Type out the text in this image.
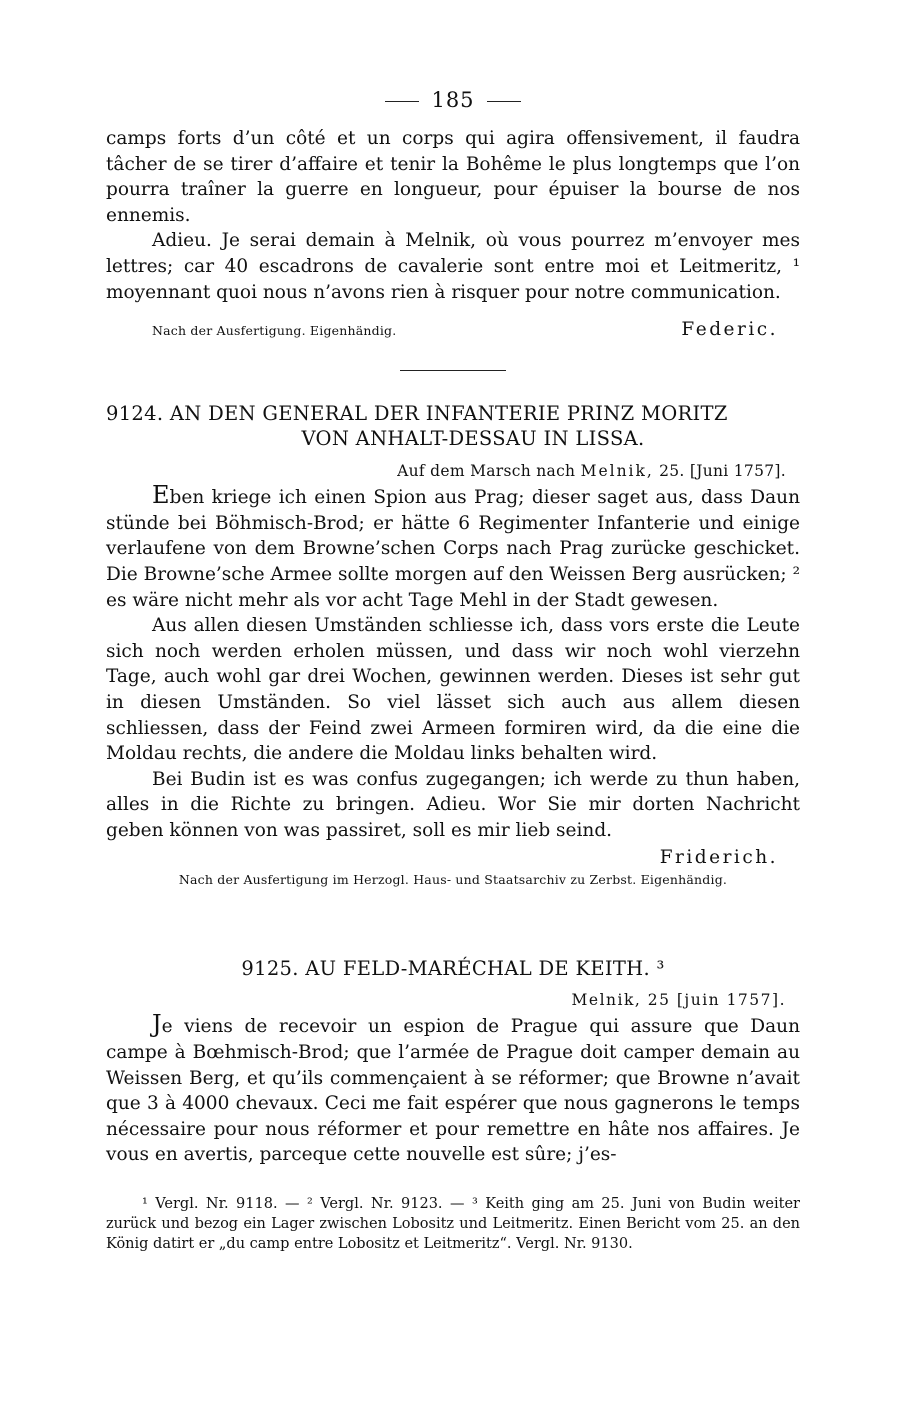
185

camps forts d’un côté et un corps qui agira offensivement, il faudra tâcher de se tirer d’affaire et tenir la Bohême le plus longtemps que l’on pourra traîner la guerre en longueur, pour épuiser la bourse de nos ennemis.

Adieu. Je serai demain à Melnik, où vous pourrez m’envoyer mes lettres; car 40 escadrons de cavalerie sont entre moi et Leitmeritz, ¹ moyennant quoi nous n’avons rien à risquer pour notre communication.

Nach der Ausfertigung. Eigenhändig.	Federic.
9124. AN DEN GENERAL DER INFANTERIE PRINZ MORITZ
VON ANHALT-DESSAU IN LISSA.
Auf dem Marsch nach Melnik, 25. [Juni 1757].

Eben kriege ich einen Spion aus Prag; dieser saget aus, dass Daun stünde bei Böhmisch-Brod; er hätte 6 Regimenter Infanterie und einige verlaufene von dem Browne’schen Corps nach Prag zurücke geschicket. Die Browne’sche Armee sollte morgen auf den Weissen Berg ausrücken; ² es wäre nicht mehr als vor acht Tage Mehl in der Stadt gewesen.

Aus allen diesen Umständen schliesse ich, dass vors erste die Leute sich noch werden erholen müssen, und dass wir noch wohl vierzehn Tage, auch wohl gar drei Wochen, gewinnen werden. Dieses ist sehr gut in diesen Umständen. So viel lässet sich auch aus allem diesen schliessen, dass der Feind zwei Armeen formiren wird, da die eine die Moldau rechts, die andere die Moldau links behalten wird.

Bei Budin ist es was confus zugegangen; ich werde zu thun haben, alles in die Richte zu bringen. Adieu. Wor Sie mir dorten Nachricht geben können von was passiret, soll es mir lieb seind.

Friderich.
Nach der Ausfertigung im Herzogl. Haus- und Staatsarchiv zu Zerbst. Eigenhändig.
9125. AU FELD-MARÉCHAL DE KEITH. ³
Melnik, 25 [juin 1757].

Je viens de recevoir un espion de Prague qui assure que Daun campe à Bœhmisch-Brod; que l’armée de Prague doit camper demain au Weissen Berg, et qu’ils commençaient à se réformer; que Browne n’avait que 3 à 4000 chevaux. Ceci me fait espérer que nous gagnerons le temps nécessaire pour nous réformer et pour remettre en hâte nos affaires. Je vous en avertis, parceque cette nouvelle est sûre; j’es-

¹ Vergl. Nr. 9118. — ² Vergl. Nr. 9123. — ³ Keith ging am 25. Juni von Budin weiter zurück und bezog ein Lager zwischen Lobositz und Leitmeritz. Einen Bericht vom 25. an den König datirt er „du camp entre Lobositz et Leitmeritz“. Vergl. Nr. 9130.
